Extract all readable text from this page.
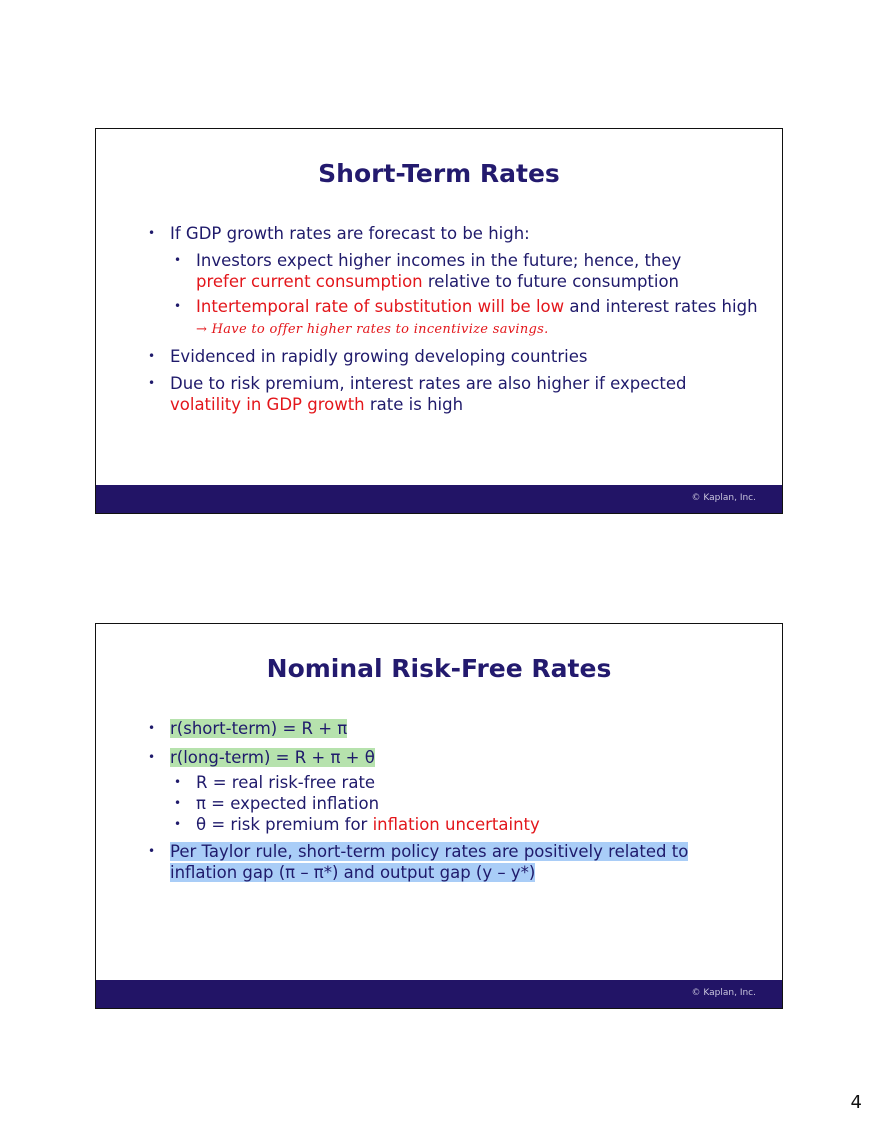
Short-Term Rates
• If GDP growth rates are forecast to be high:
• Investors expect higher incomes in the future; hence, they
prefer current consumption relative to future consumption
• Intertemporal rate of substitution will be low and interest rates high → Have to offer higher rates to incentivize savings.
• Evidenced in rapidly growing developing countries
• Due to risk premium, interest rates are also higher if expected
volatility in GDP growth rate is high
© Kaplan, Inc.
Nominal Risk-Free Rates
• r(short-term) = R + π
• r(long-term) = R + π + θ
• R = real risk-free rate
• π = expected inflation
• θ = risk premium for inflation uncertainty
• Per Taylor rule, short-term policy rates are positively related to
inflation gap (π – π*) and output gap (y – y*)
© Kaplan, Inc.
4
